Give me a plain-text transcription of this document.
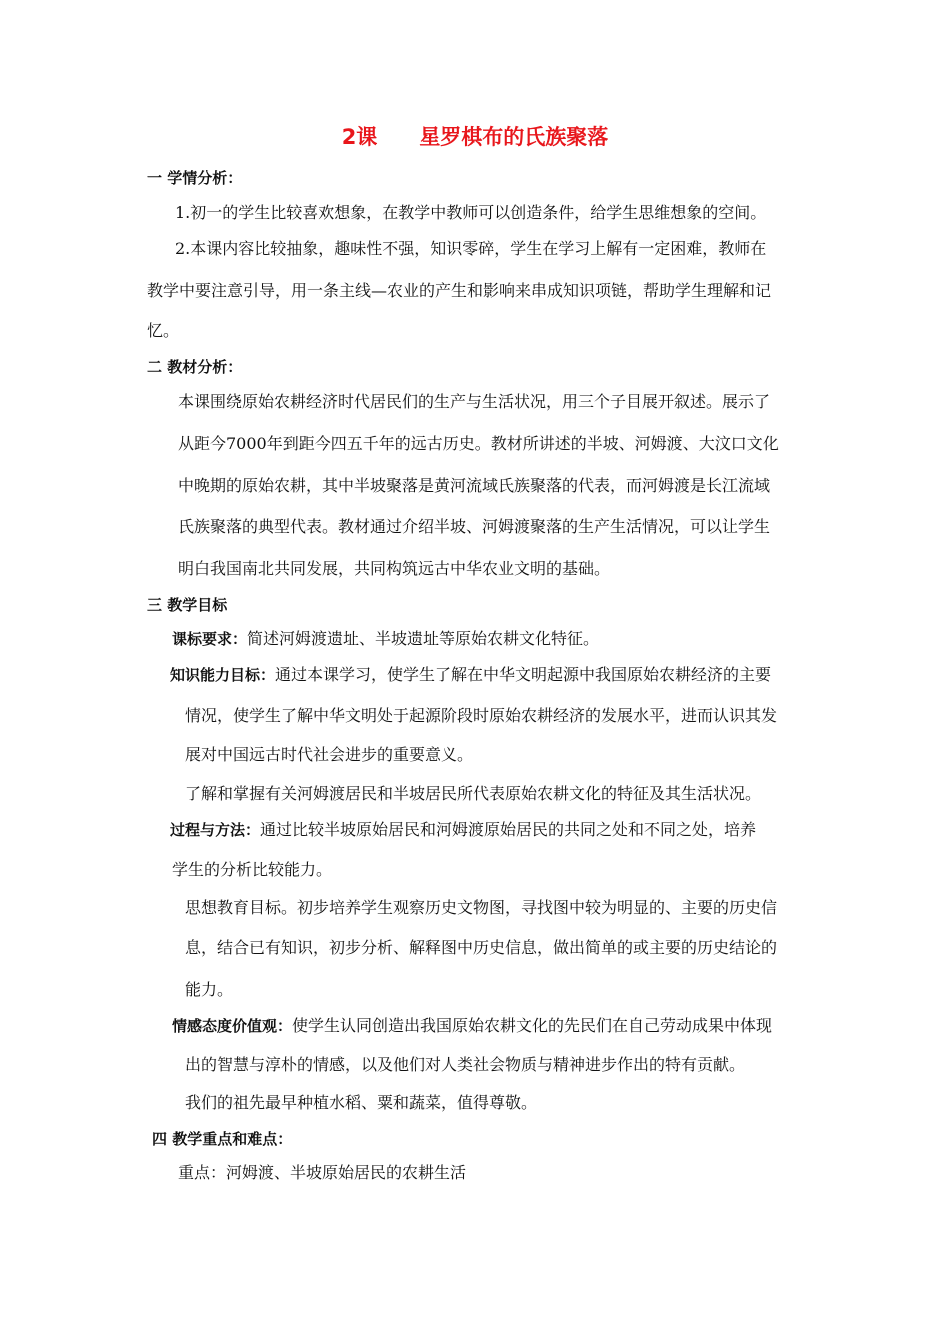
2课 星罗棋布的氏族聚落
一 学情分析：
1.初一的学生比较喜欢想象，在教学中教师可以创造条件，给学生思维想象的空间。
2.本课内容比较抽象，趣味性不强，知识零碎，学生在学习上解有一定困难，教师在
教学中要注意引导，用一条主线—农业的产生和影响来串成知识项链，帮助学生理解和记
忆。
二 教材分析：
本课围绕原始农耕经济时代居民们的生产与生活状况，用三个子目展开叙述。展示了
从距今7000年到距今四五千年的远古历史。教材所讲述的半坡、河姆渡、大汶口文化
中晚期的原始农耕，其中半坡聚落是黄河流域氏族聚落的代表，而河姆渡是长江流域
氏族聚落的典型代表。教材通过介绍半坡、河姆渡聚落的生产生活情况，可以让学生
明白我国南北共同发展，共同构筑远古中华农业文明的基础。
三 教学目标
课标要求：简述河姆渡遗址、半坡遗址等原始农耕文化特征。
知识能力目标：通过本课学习，使学生了解在中华文明起源中我国原始农耕经济的主要
情况，使学生了解中华文明处于起源阶段时原始农耕经济的发展水平，进而认识其发
展对中国远古时代社会进步的重要意义。
了解和掌握有关河姆渡居民和半坡居民所代表原始农耕文化的特征及其生活状况。
过程与方法：通过比较半坡原始居民和河姆渡原始居民的共同之处和不同之处，培养
学生的分析比较能力。
思想教育目标。初步培养学生观察历史文物图，寻找图中较为明显的、主要的历史信
息，结合已有知识，初步分析、解释图中历史信息，做出简单的或主要的历史结论的
能力。
情感态度价值观：使学生认同创造出我国原始农耕文化的先民们在自己劳动成果中体现
出的智慧与淳朴的情感，以及他们对人类社会物质与精神进步作出的特有贡献。
我们的祖先最早种植水稻、粟和蔬菜，值得尊敬。
四 教学重点和难点：
重点：河姆渡、半坡原始居民的农耕生活
